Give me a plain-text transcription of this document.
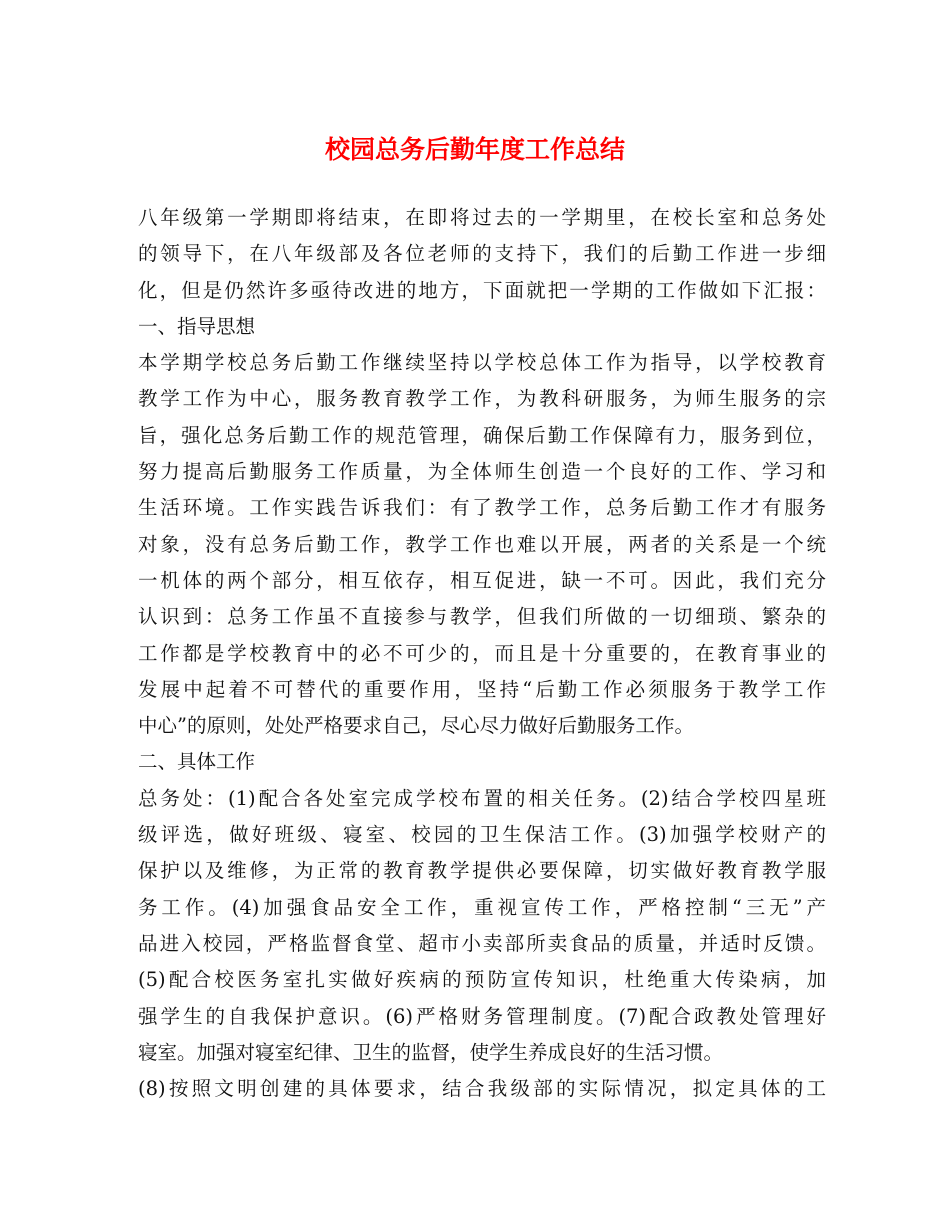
校园总务后勤年度工作总结

八年级第一学期即将结束，在即将过去的一学期里，在校长室和总务处

的领导下，在八年级部及各位老师的支持下，我们的后勤工作进一步细

化，但是仍然许多亟待改进的地方，下面就把一学期的工作做如下汇报：

一、指导思想

本学期学校总务后勤工作继续坚持以学校总体工作为指导，以学校教育

教学工作为中心，服务教育教学工作，为教科研服务，为师生服务的宗

旨，强化总务后勤工作的规范管理，确保后勤工作保障有力，服务到位，

努力提高后勤服务工作质量，为全体师生创造一个良好的工作、学习和

生活环境。工作实践告诉我们：有了教学工作，总务后勤工作才有服务

对象，没有总务后勤工作，教学工作也难以开展，两者的关系是一个统

一机体的两个部分，相互依存，相互促进，缺一不可。因此，我们充分

认识到：总务工作虽不直接参与教学，但我们所做的一切细琐、繁杂的

工作都是学校教育中的必不可少的，而且是十分重要的，在教育事业的

发展中起着不可替代的重要作用，坚持“后勤工作必须服务于教学工作

中心”的原则，处处严格要求自己，尽心尽力做好后勤服务工作。

二、具体工作

总务处：(1)配合各处室完成学校布置的相关任务。(2)结合学校四星班

级评选，做好班级、寝室、校园的卫生保洁工作。(3)加强学校财产的

保护以及维修，为正常的教育教学提供必要保障，切实做好教育教学服

务工作。(4)加强食品安全工作，重视宣传工作，严格控制“三无”产

品进入校园，严格监督食堂、超市小卖部所卖食品的质量，并适时反馈。

(5)配合校医务室扎实做好疾病的预防宣传知识，杜绝重大传染病，加

强学生的自我保护意识。(6)严格财务管理制度。(7)配合政教处管理好

寝室。加强对寝室纪律、卫生的监督，使学生养成良好的生活习惯。

(8)按照文明创建的具体要求，结合我级部的实际情况，拟定具体的工
